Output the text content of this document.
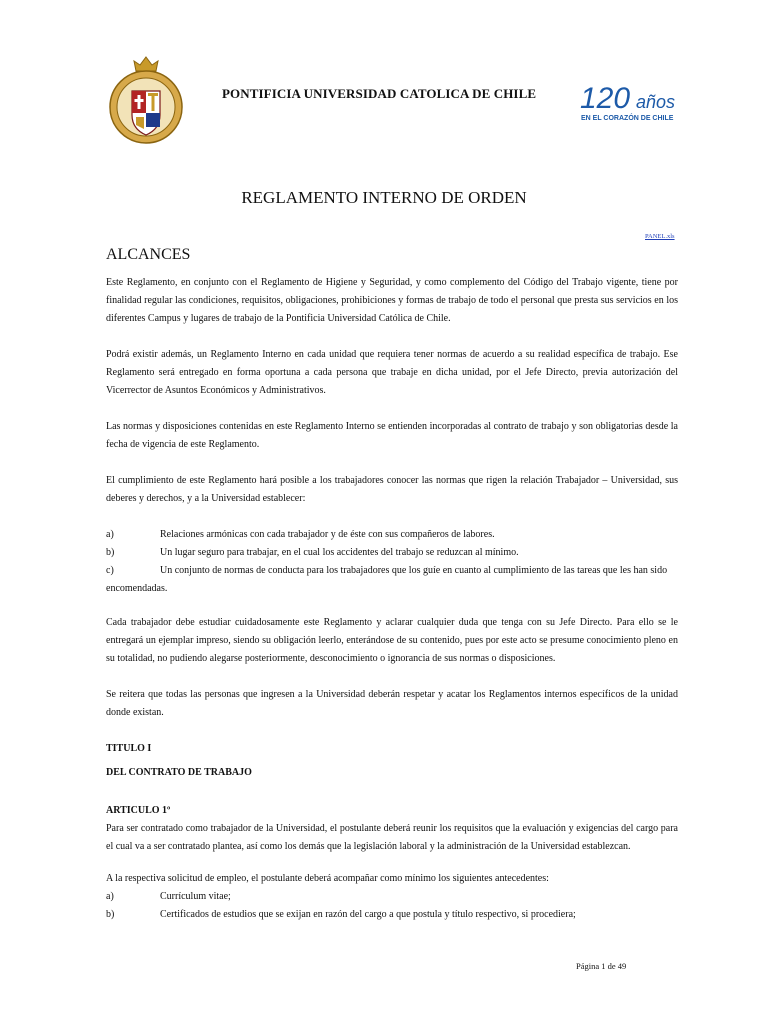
PONTIFICIA UNIVERSIDAD CATOLICA DE CHILE 120 años
EN EL CORAZÓN DE CHILE
REGLAMENTO INTERNO DE ORDEN
PANEL.xls
ALCANCES
Este Reglamento, en conjunto con el Reglamento de Higiene y Seguridad, y como complemento del Código del Trabajo vigente, tiene por finalidad regular las condiciones, requisitos, obligaciones, prohibiciones y formas de trabajo de todo el personal que presta sus servicios en los diferentes Campus y lugares de trabajo de la Pontificia Universidad Católica de Chile.
Podrá existir además, un Reglamento Interno en cada unidad que requiera tener normas de acuerdo a su realidad específica de trabajo. Ese Reglamento será entregado en forma oportuna a cada persona que trabaje en dicha unidad, por el Jefe Directo, previa autorización del Vicerrector de Asuntos Económicos y Administrativos.
Las normas y disposiciones contenidas en este Reglamento Interno se entienden incorporadas al contrato de trabajo y son obligatorias desde la fecha de vigencia de este Reglamento.
El cumplimiento de este Reglamento hará posible a los trabajadores conocer las normas que rigen la relación Trabajador – Universidad, sus deberes y derechos, y a la Universidad establecer:
a)	Relaciones armónicas con cada trabajador y de éste con sus compañeros de labores.
b)	Un lugar seguro para trabajar, en el cual los accidentes del trabajo se reduzcan al mínimo.
c)	Un conjunto de normas de conducta para los trabajadores que los guíe en cuanto al cumplimiento de las tareas que les han sido
encomendadas.
Cada trabajador debe estudiar cuidadosamente este Reglamento y aclarar cualquier duda que tenga con su Jefe Directo. Para ello se le entregará un ejemplar impreso, siendo su obligación leerlo, enterándose de su contenido, pues por este acto se presume conocimiento pleno en su totalidad, no pudiendo alegarse posteriormente, desconocimiento o ignorancia de sus normas o disposiciones.
Se reitera que todas las personas que ingresen a la Universidad deberán respetar y acatar los Reglamentos internos específicos de la unidad donde existan.
TITULO I
DEL CONTRATO DE TRABAJO
ARTICULO 1º
Para ser contratado como trabajador de la Universidad, el postulante deberá reunir los requisitos que la evaluación y exigencias del cargo para el cual va a ser contratado plantea, así como los demás que la legislación laboral y la administración de la Universidad establezcan.
A la respectiva solicitud de empleo, el postulante deberá acompañar como mínimo los siguientes antecedentes:
a)	Currículum vitae;
b)	Certificados de estudios que se exijan en razón del cargo a que postula y título respectivo, si procediera;
Página 1 de 49
